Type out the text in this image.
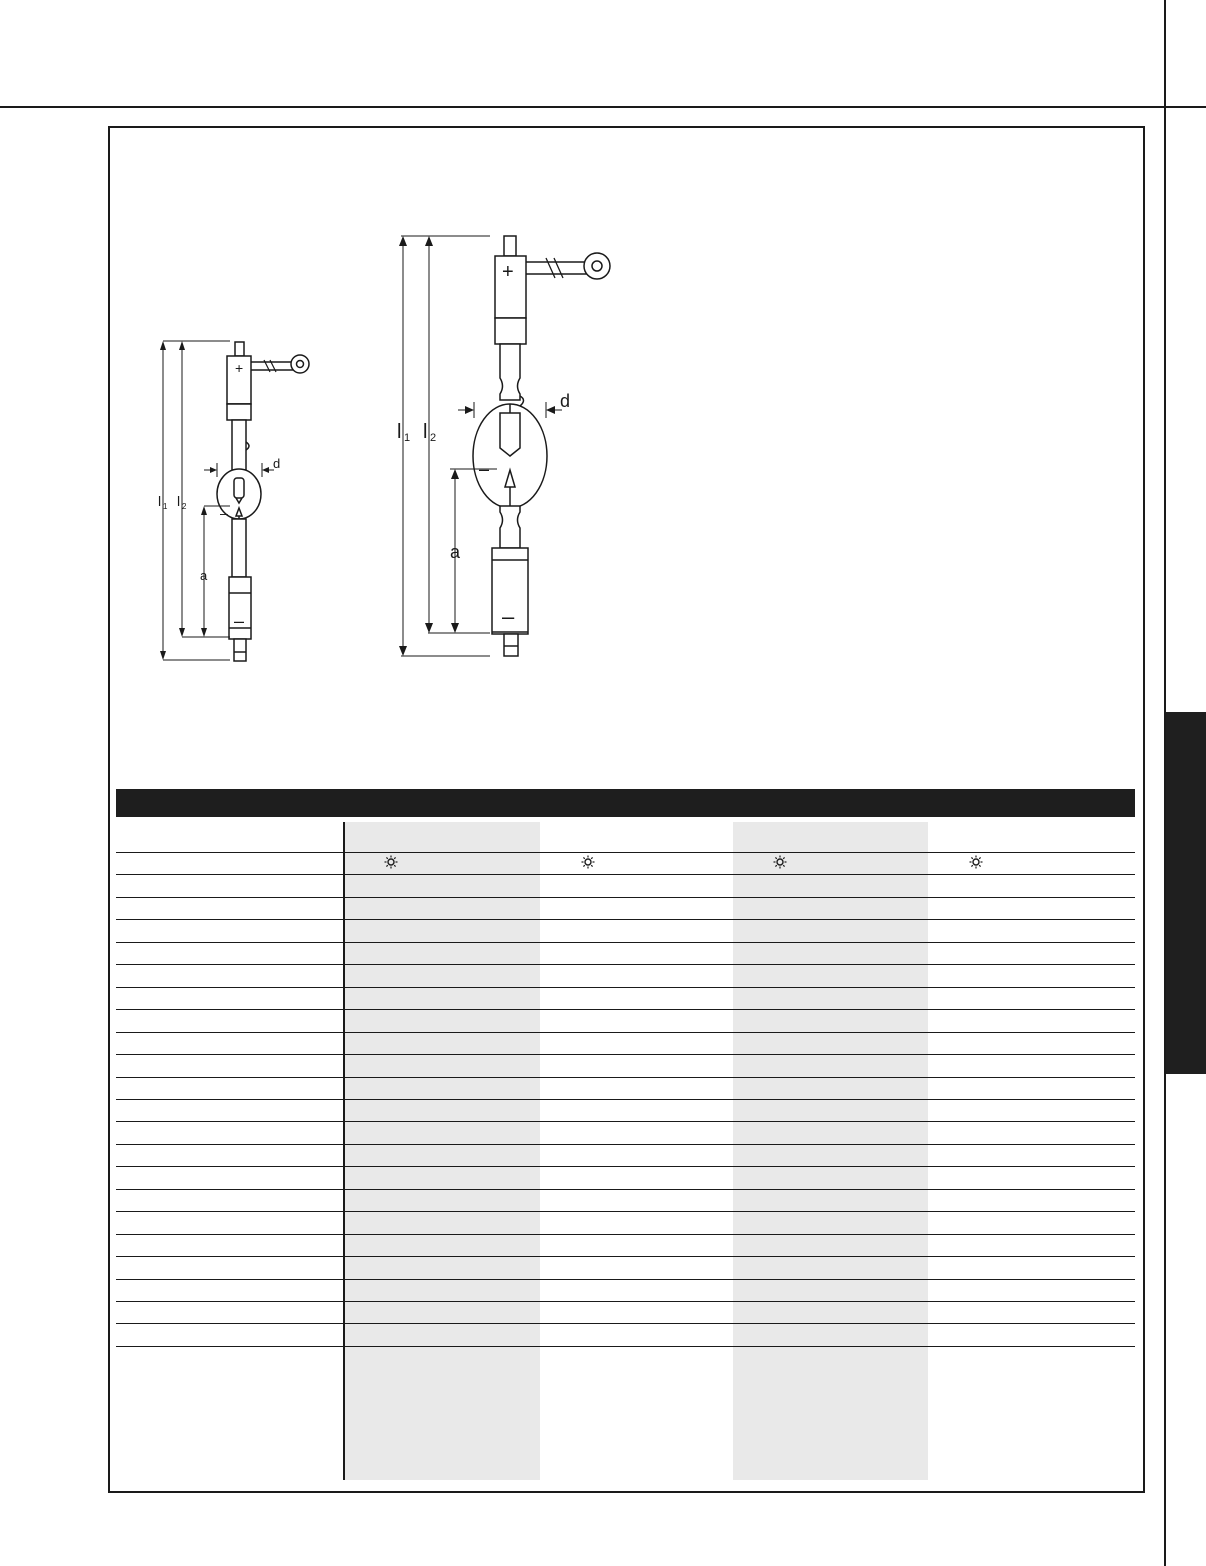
+
–
–
l 1 l 2
d
a
+
–
–
l 1 l 2
d
a
